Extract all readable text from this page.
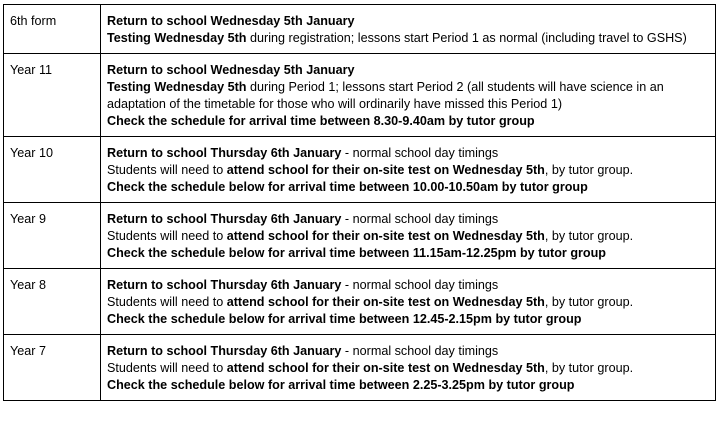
6th form	Return to school Wednesday 5th January
Testing Wednesday 5th during registration; lessons start Period 1 as normal (including travel to GSHS)

Year 11	Return to school Wednesday 5th January
Testing Wednesday 5th during Period 1; lessons start Period 2 (all students will have science in an adaptation of the timetable for those who will ordinarily have missed this Period 1)
Check the schedule for arrival time between 8.30-9.40am by tutor group

Year 10	Return to school Thursday 6th January - normal school day timings
Students will need to attend school for their on-site test on Wednesday 5th, by tutor group.
Check the schedule below for arrival time between 10.00-10.50am by tutor group

Year 9	Return to school Thursday 6th January - normal school day timings
Students will need to attend school for their on-site test on Wednesday 5th, by tutor group.
Check the schedule below for arrival time between 11.15am-12.25pm by tutor group

Year 8	Return to school Thursday 6th January - normal school day timings
Students will need to attend school for their on-site test on Wednesday 5th, by tutor group.
Check the schedule below for arrival time between 12.45-2.15pm by tutor group

Year 7	Return to school Thursday 6th January - normal school day timings
Students will need to attend school for their on-site test on Wednesday 5th, by tutor group.
Check the schedule below for arrival time between 2.25-3.25pm by tutor group
